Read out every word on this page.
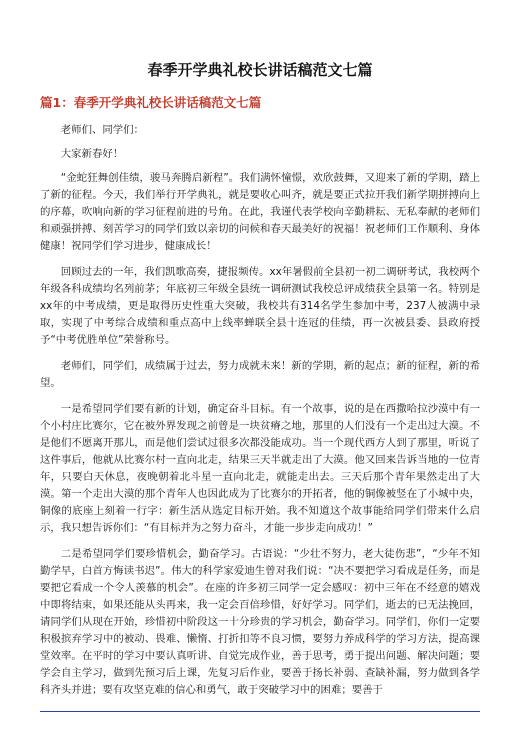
春季开学典礼校长讲话稿范文七篇
篇1：春季开学典礼校长讲话稿范文七篇

老师们、同学们：

大家新春好！

“金蛇狂舞创佳绩，骏马奔腾启新程”。我们满怀憧憬，欢欣鼓舞，又迎来了新的学期，踏上了新的征程。今天，我们举行开学典礼，就是要收心叫齐，就是要正式拉开我们新学期拼搏向上的序幕，吹响向新的学习征程前进的号角。在此，我谨代表学校向辛勤耕耘、无私奉献的老师们和顽强拼搏、刻苦学习的同学们致以亲切的问候和春天最美好的祝福！祝老师们工作顺利、身体健康！祝同学们学习进步，健康成长！

回顾过去的一年，我们凯歌高奏，捷报频传。xx年暑假前全县初一初二调研考试，我校两个年级各科成绩均名列前茅；年底初三年级全县统一调研测试我校总评成绩获全县第一名。特别是xx年的中考成绩，更是取得历史性重大突破，我校共有314名学生参加中考，237人被满中录取，实现了中考综合成绩和重点高中上线率蝉联全县十连冠的佳绩，再一次被县委、县政府授予“中考优胜单位”荣誉称号。

老师们，同学们，成绩属于过去，努力成就未来！新的学期，新的起点；新的征程，新的希望。

一是希望同学们要有新的计划，确定奋斗目标。有一个故事，说的是在西撒哈拉沙漠中有一个小村庄比赛尔，它在被外界发现之前曾是一块贫瘠之地，那里的人们没有一个走出过大漠。不是他们不愿离开那儿，而是他们尝试过很多次都没能成功。当一个现代西方人到了那里，听说了这件事后，他就从比赛尔村一直向北走，结果三天半就走出了大漠。他又回来告诉当地的一位青年，只要白天休息，夜晚朝着北斗星一直向北走，就能走出去。三天后那个青年果然走出了大漠。第一个走出大漠的那个青年人也因此成为了比赛尔的开拓者，他的铜像被竖在了小城中央，铜像的底座上刻着一行字：新生活从选定目标开始。我不知道这个故事能给同学们带来什么启示，我只想告诉你们：“有目标并为之努力奋斗，才能一步步走向成功！”

二是希望同学们要珍惜机会，勤奋学习。古语说：“少壮不努力，老大徒伤悲”，“少年不知勤学早，白首方悔读书迟”。伟大的科学家爱迪生曾对我们说：“决不要把学习看成是任务，而是要把它看成一个令人羡慕的机会”。在座的许多初三同学一定会感叹：初中三年在不经意的嬉戏中即将结束，如果还能从头再来，我一定会百倍珍惜，好好学习。同学们，逝去的已无法挽回，请同学们从现在开始，珍惜初中阶段这一十分珍贵的学习机会，勤奋学习。同学们，你们一定要积极摈弃学习中的被动、畏难、懒惰、打折扣等不良习惯，要努力养成科学的学习方法，提高课堂效率。在平时的学习中要认真听讲、自觉完成作业，善于思考，勇于提出问题、解决问题；要学会自主学习，做到先预习后上课，先复习后作业，要善于扬长补弱、查缺补漏，努力做到各学科齐头并进；要有攻坚克难的信心和勇气，敢于突破学习中的困难；要善于
